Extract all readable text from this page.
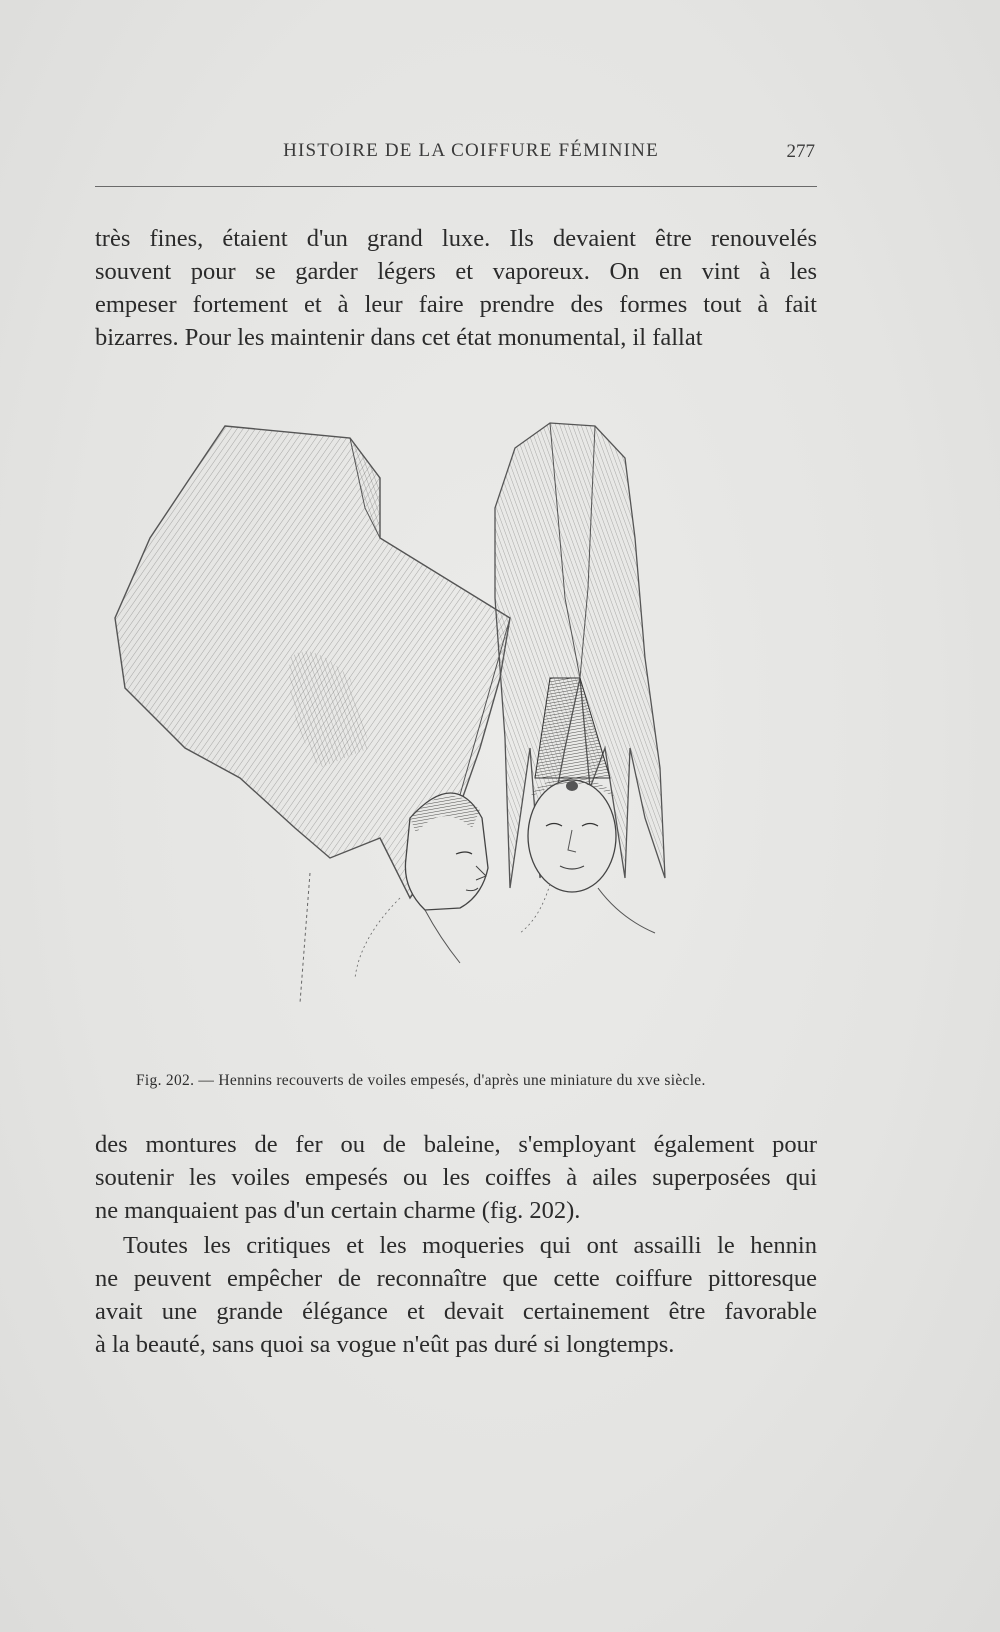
HISTOIRE DE LA COIFFURE FÉMININE	277

très fines, étaient d'un grand luxe. Ils devaient être renouvelés
souvent pour se garder légers et vaporeux. On en vint à les
empeser fortement et à leur faire prendre des formes tout à fait
bizarres. Pour les maintenir dans cet état monumental, il fallat

Fig. 202. — Hennins recouverts de voiles empesés, d'après une miniature du xve siècle.

des montures de fer ou de baleine, s'employant également pour
soutenir les voiles empesés ou les coiffes à ailes superposées qui
ne manquaient pas d'un certain charme (fig. 202).

Toutes les critiques et les moqueries qui ont assailli le hennin
ne peuvent empêcher de reconnaître que cette coiffure pittoresque
avait une grande élégance et devait certainement être favorable
à la beauté, sans quoi sa vogue n'eût pas duré si longtemps.
